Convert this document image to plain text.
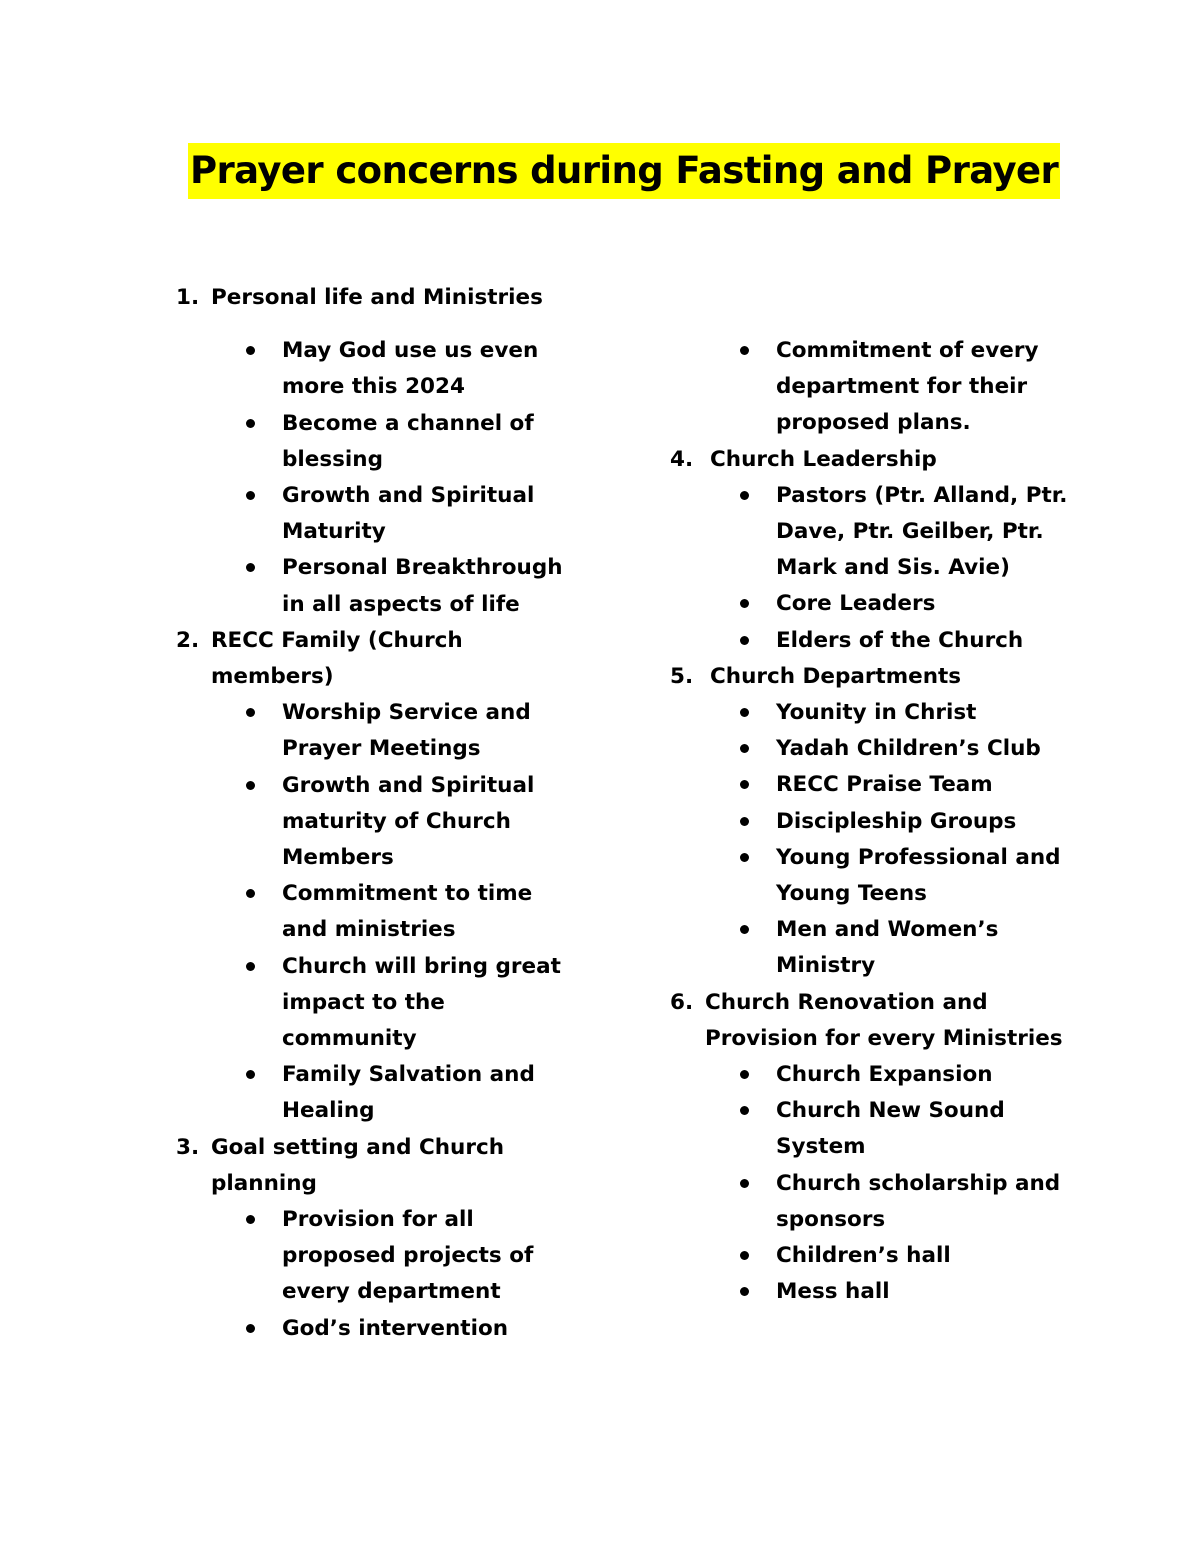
Prayer concerns during Fasting and Prayer
1. Personal life and Ministries
May God use us even
more this 2024
Become a channel of
blessing
Growth and Spiritual
Maturity
Personal Breakthrough
in all aspects of life
2. RECC Family (Church
members)
Worship Service and
Prayer Meetings
Growth and Spiritual
maturity of Church
Members
Commitment to time
and ministries
Church will bring great
impact to the
community
Family Salvation and
Healing
3. Goal setting and Church
planning
Provision for all
proposed projects of
every department
God’s intervention
Commitment of every
department for their
proposed plans.
4. Church Leadership
Pastors (Ptr. Alland, Ptr.
Dave, Ptr. Geilber, Ptr.
Mark and Sis. Avie)
Core Leaders
Elders of the Church
5. Church Departments
Younity in Christ
Yadah Children’s Club
RECC Praise Team
Discipleship Groups
Young Professional and
Young Teens
Men and Women’s
Ministry
6. Church Renovation and
Provision for every Ministries
Church Expansion
Church New Sound
System
Church scholarship and
sponsors
Children’s hall
Mess hall
